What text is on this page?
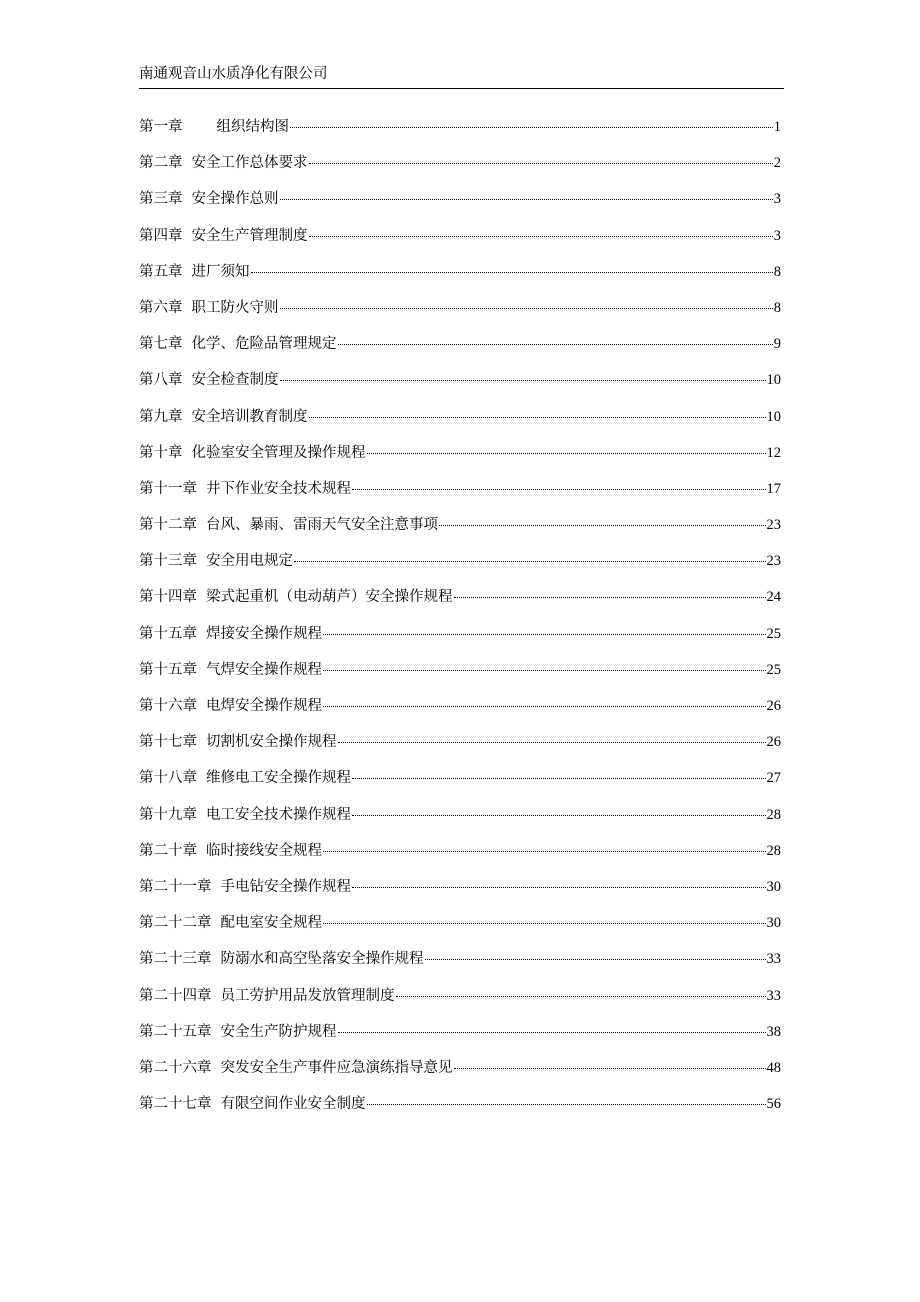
南通观音山水质净化有限公司
第一章 组织结构图	1
第二章 安全工作总体要求	2
第三章 安全操作总则	3
第四章 安全生产管理制度	3
第五章 进厂须知	8
第六章 职工防火守则	8
第七章 化学、危险品管理规定	9
第八章 安全检查制度	10
第九章 安全培训教育制度	10
第十章 化验室安全管理及操作规程	12
第十一章 井下作业安全技术规程	17
第十二章 台风、暴雨、雷雨天气安全注意事项	23
第十三章 安全用电规定	23
第十四章 梁式起重机（电动葫芦）安全操作规程	24
第十五章 焊接安全操作规程	25
第十五章 气焊安全操作规程	25
第十六章 电焊安全操作规程	26
第十七章 切割机安全操作规程	26
第十八章 维修电工安全操作规程	27
第十九章 电工安全技术操作规程	28
第二十章 临时接线安全规程	28
第二十一章 手电钻安全操作规程	30
第二十二章 配电室安全规程	30
第二十三章 防溺水和高空坠落安全操作规程	33
第二十四章 员工劳护用品发放管理制度	33
第二十五章 安全生产防护规程	38
第二十六章 突发安全生产事件应急演练指导意见	48
第二十七章 有限空间作业安全制度	56
